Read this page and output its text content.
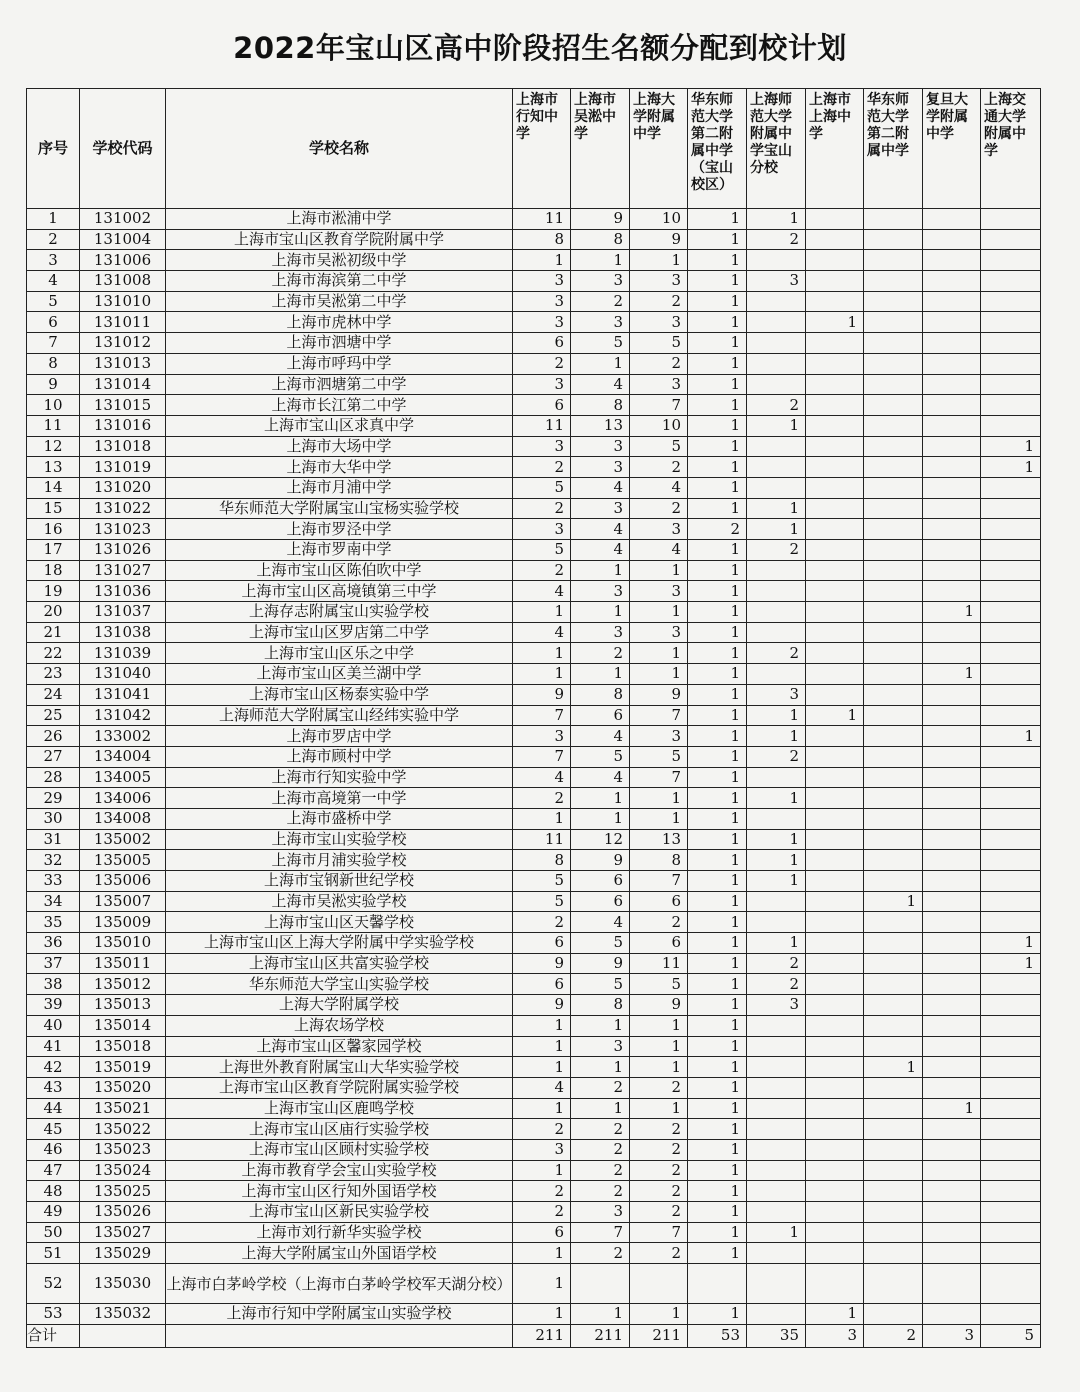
2022年宝山区高中阶段招生名额分配到校计划
序号	学校代码	学校名称	上海市行知中学	上海市吴淞中学	上海大学附属中学	华东师范大学第二附属中学（宝山校区）	上海师范大学附属中学宝山分校	上海市上海中学	华东师范大学第二附属中学	复旦大学附属中学	上海交通大学附属中学
1	131002	上海市淞浦中学	11	9	10	1	1				
2	131004	上海市宝山区教育学院附属中学	8	8	9	1	2				
3	131006	上海市吴淞初级中学	1	1	1	1					
4	131008	上海市海滨第二中学	3	3	3	1	3				
5	131010	上海市吴淞第二中学	3	2	2	1					
6	131011	上海市虎林中学	3	3	3	1		1			
7	131012	上海市泗塘中学	6	5	5	1					
8	131013	上海市呼玛中学	2	1	2	1					
9	131014	上海市泗塘第二中学	3	4	3	1					
10	131015	上海市长江第二中学	6	8	7	1	2				
11	131016	上海市宝山区求真中学	11	13	10	1	1				
12	131018	上海市大场中学	3	3	5	1					1
13	131019	上海市大华中学	2	3	2	1					1
14	131020	上海市月浦中学	5	4	4	1					
15	131022	华东师范大学附属宝山宝杨实验学校	2	3	2	1	1				
16	131023	上海市罗泾中学	3	4	3	2	1				
17	131026	上海市罗南中学	5	4	4	1	2				
18	131027	上海市宝山区陈伯吹中学	2	1	1	1					
19	131036	上海市宝山区高境镇第三中学	4	3	3	1					
20	131037	上海存志附属宝山实验学校	1	1	1	1				1	
21	131038	上海市宝山区罗店第二中学	4	3	3	1					
22	131039	上海市宝山区乐之中学	1	2	1	1	2				
23	131040	上海市宝山区美兰湖中学	1	1	1	1				1	
24	131041	上海市宝山区杨泰实验中学	9	8	9	1	3				
25	131042	上海师范大学附属宝山经纬实验中学	7	6	7	1	1	1			
26	133002	上海市罗店中学	3	4	3	1	1				1
27	134004	上海市顾村中学	7	5	5	1	2				
28	134005	上海市行知实验中学	4	4	7	1					
29	134006	上海市高境第一中学	2	1	1	1	1				
30	134008	上海市盛桥中学	1	1	1	1					
31	135002	上海市宝山实验学校	11	12	13	1	1				
32	135005	上海市月浦实验学校	8	9	8	1	1				
33	135006	上海市宝钢新世纪学校	5	6	7	1	1				
34	135007	上海市吴淞实验学校	5	6	6	1			1		
35	135009	上海市宝山区天馨学校	2	4	2	1					
36	135010	上海市宝山区上海大学附属中学实验学校	6	5	6	1	1				1
37	135011	上海市宝山区共富实验学校	9	9	11	1	2				1
38	135012	华东师范大学宝山实验学校	6	5	5	1	2				
39	135013	上海大学附属学校	9	8	9	1	3				
40	135014	上海农场学校	1	1	1	1					
41	135018	上海市宝山区馨家园学校	1	3	1	1					
42	135019	上海世外教育附属宝山大华实验学校	1	1	1	1			1		
43	135020	上海市宝山区教育学院附属实验学校	4	2	2	1					
44	135021	上海市宝山区鹿鸣学校	1	1	1	1				1	
45	135022	上海市宝山区庙行实验学校	2	2	2	1					
46	135023	上海市宝山区顾村实验学校	3	2	2	1					
47	135024	上海市教育学会宝山实验学校	1	2	2	1					
48	135025	上海市宝山区行知外国语学校	2	2	2	1					
49	135026	上海市宝山区新民实验学校	2	3	2	1					
50	135027	上海市刘行新华实验学校	6	7	7	1	1				
51	135029	上海大学附属宝山外国语学校	1	2	2	1					
52	135030	上海市白茅岭学校（上海市白茅岭学校军天湖分校）	1								
53	135032	上海市行知中学附属宝山实验学校	1	1	1	1		1			
合计			211	211	211	53	35	3	2	3	5
